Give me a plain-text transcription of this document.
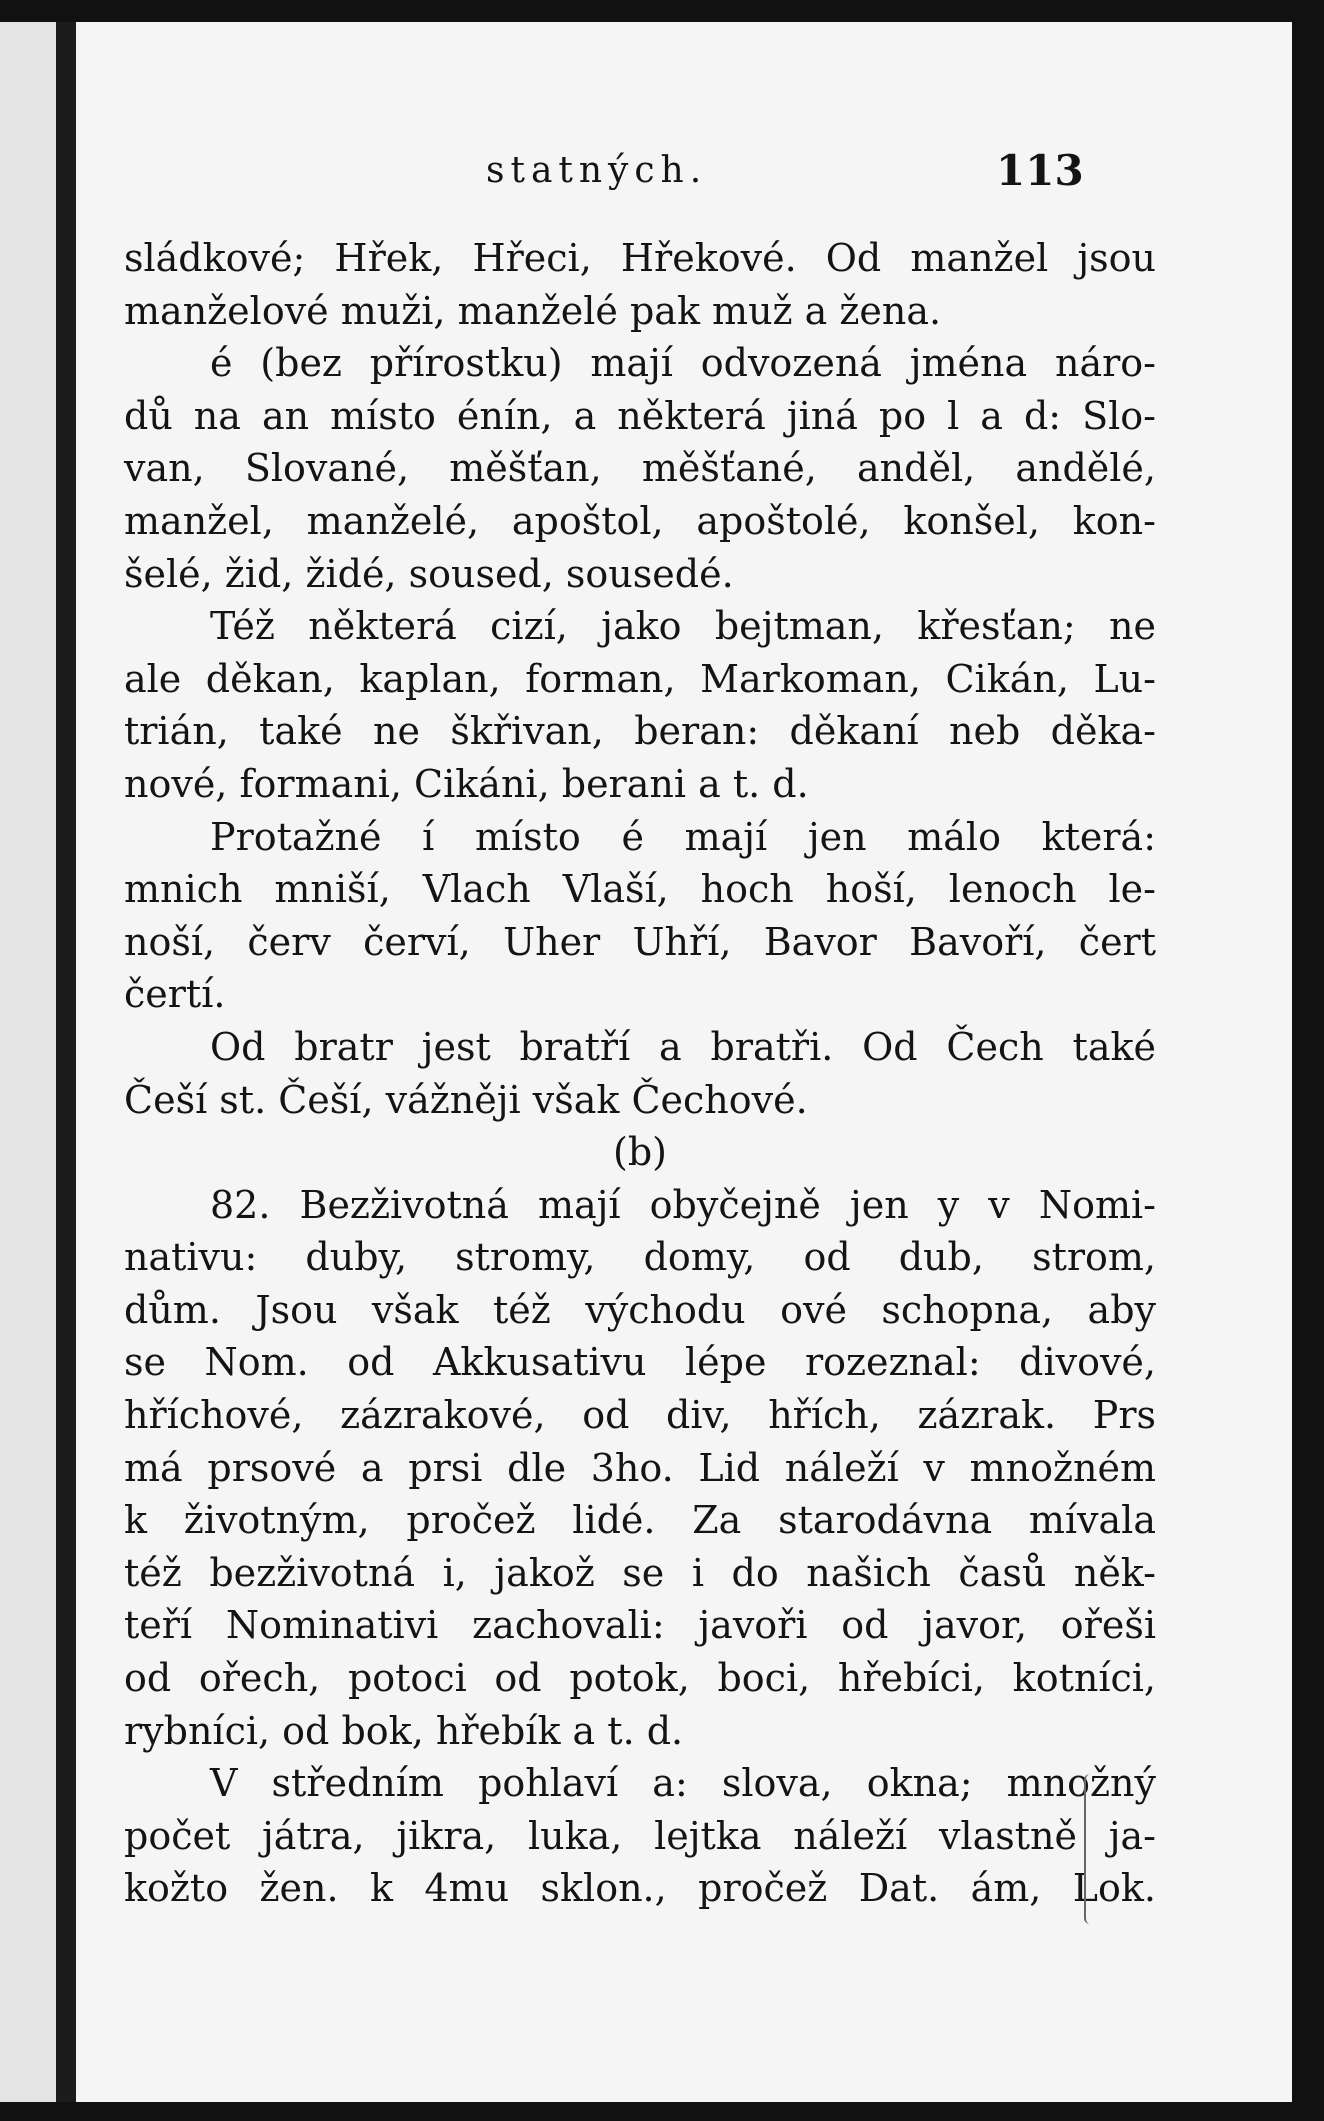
statných.	113
sládkové; Hřek, Hřeci, Hřekové. Od manžel jsou
manželové muži, manželé pak muž a žena.
é (bez přírostku) mají odvozená jména náro-
dů na an místo énín, a některá jiná po l a d: Slo-
van, Slované, měšťan, měšťané, anděl, andělé,
manžel, manželé, apoštol, apoštolé, konšel, kon-
šelé, žid, židé, soused, sousedé.
Též některá cizí, jako bejtman, křesťan; ne
ale děkan, kaplan, forman, Markoman, Cikán, Lu-
trián, také ne škřivan, beran: děkaní neb děka-
nové, formani, Cikáni, berani a t. d.
Protažné í místo é mají jen málo která:
mnich mniší, Vlach Vlaší, hoch hoší, lenoch le-
noší, červ červí, Uher Uhří, Bavor Bavoří, čert
čertí.
Od bratr jest bratří a bratři. Od Čech také
Češí st. Češí, vážněji však Čechové.
(b)
82. Bezživotná mají obyčejně jen y v Nomi-
nativu: duby, stromy, domy, od dub, strom,
dům. Jsou však též východu ové schopna, aby
se Nom. od Akkusativu lépe rozeznal: divové,
hříchové, zázrakové, od div, hřích, zázrak. Prs
má prsové a prsi dle 3ho. Lid náleží v množném
k životným, pročež lidé. Za starodávna mívala
též bezživotná i, jakož se i do našich časů něk-
teří Nominativi zachovali: javoři od javor, ořeši
od ořech, potoci od potok, boci, hřebíci, kotníci,
rybníci, od bok, hřebík a t. d.
V středním pohlaví a: slova, okna; množný
počet játra, jikra, luka, lejtka náleží vlastně ja-
kožto žen. k 4mu sklon., pročež Dat. ám, Lok.
